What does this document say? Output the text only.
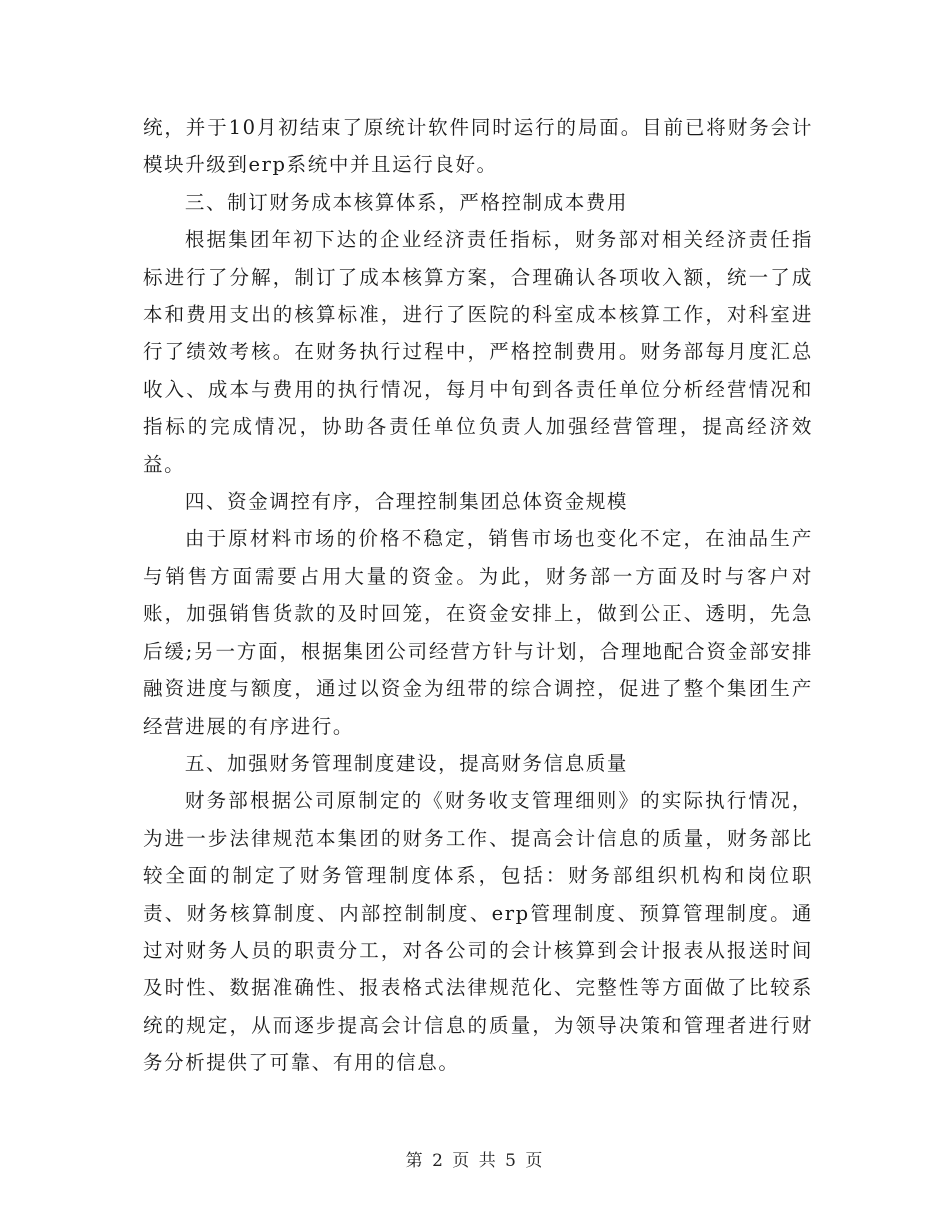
统，并于10月初结束了原统计软件同时运行的局面。目前已将财务会计模块升级到erp系统中并且运行良好。

三、制订财务成本核算体系，严格控制成本费用

根据集团年初下达的企业经济责任指标，财务部对相关经济责任指标进行了分解，制订了成本核算方案，合理确认各项收入额，统一了成本和费用支出的核算标准，进行了医院的科室成本核算工作，对科室进行了绩效考核。在财务执行过程中，严格控制费用。财务部每月度汇总收入、成本与费用的执行情况，每月中旬到各责任单位分析经营情况和指标的完成情况，协助各责任单位负责人加强经营管理，提高经济效益。

四、资金调控有序，合理控制集团总体资金规模

由于原材料市场的价格不稳定，销售市场也变化不定，在油品生产与销售方面需要占用大量的资金。为此，财务部一方面及时与客户对账，加强销售货款的及时回笼，在资金安排上，做到公正、透明，先急后缓;另一方面，根据集团公司经营方针与计划，合理地配合资金部安排融资进度与额度，通过以资金为纽带的综合调控，促进了整个集团生产经营进展的有序进行。

五、加强财务管理制度建设，提高财务信息质量

财务部根据公司原制定的《财务收支管理细则》的实际执行情况，为进一步法律规范本集团的财务工作、提高会计信息的质量，财务部比较全面的制定了财务管理制度体系，包括：财务部组织机构和岗位职责、财务核算制度、内部控制制度、erp管理制度、预算管理制度。通过对财务人员的职责分工，对各公司的会计核算到会计报表从报送时间及时性、数据准确性、报表格式法律规范化、完整性等方面做了比较系统的规定，从而逐步提高会计信息的质量，为领导决策和管理者进行财务分析提供了可靠、有用的信息。

第 2 页 共 5 页
